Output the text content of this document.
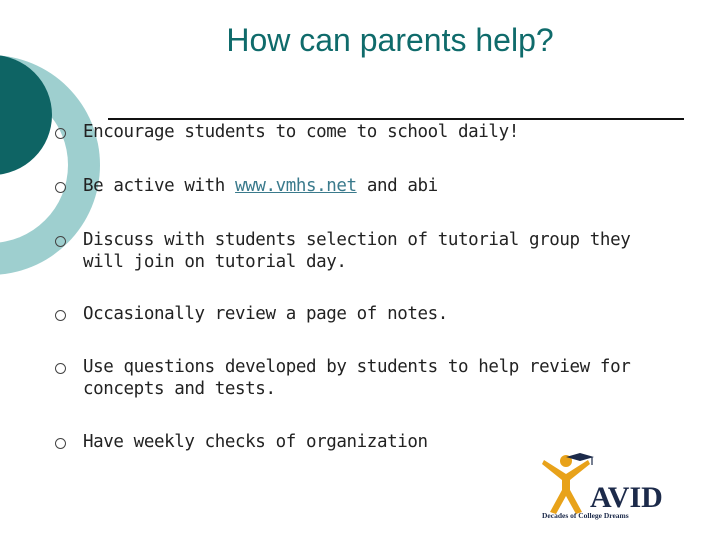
How can parents help?
Encourage students to come to school daily!
Be active with www.vmhs.net and abi
Discuss with students selection of tutorial group they will join on tutorial day.
Occasionally review a page of notes.
Use questions developed by students to help review for concepts and tests.
Have weekly checks of organization
AVID
Decades of College Dreams
